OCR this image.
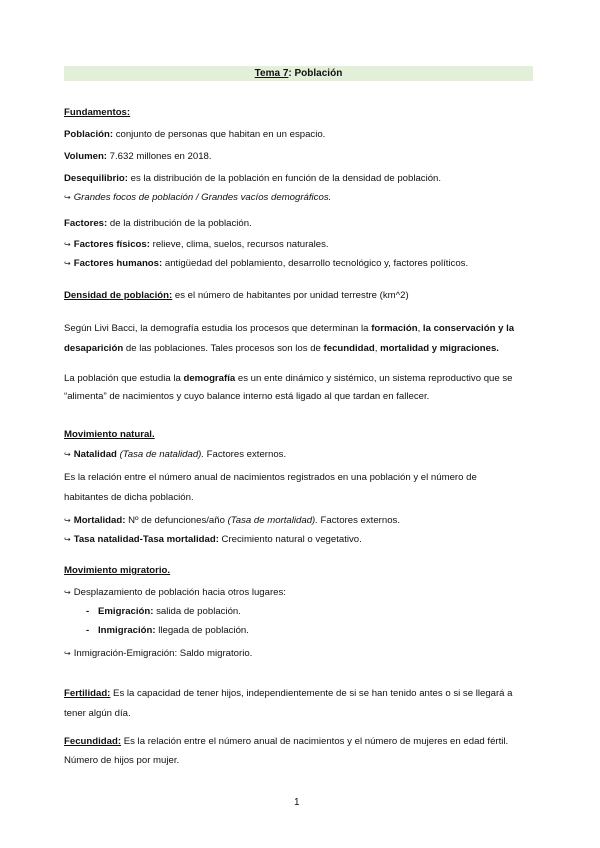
Tema 7: Población
Fundamentos:
Población: conjunto de personas que habitan en un espacio.
Volumen: 7.632 millones en 2018.
Desequilibrio: es la distribución de la población en función de la densidad de población.
↪ Grandes focos de población / Grandes vacíos demográficos.
Factores: de la distribución de la población.
↪ Factores físicos: relieve, clima, suelos, recursos naturales.
↪ Factores humanos: antigüedad del poblamiento, desarrollo tecnológico y, factores políticos.
Densidad de población: es el número de habitantes por unidad terrestre (km^2)
Según Livi Bacci, la demografía estudia los procesos que determinan la formación, la conservación y la
desaparición de las poblaciones. Tales procesos son los de fecundidad, mortalidad y migraciones.
La población que estudia la demografía es un ente dinámico y sistémico, un sistema reproductivo que se
“alimenta” de nacimientos y cuyo balance interno está ligado al que tardan en fallecer.
Movimiento natural.
↪ Natalidad (Tasa de natalidad). Factores externos.
Es la relación entre el número anual de nacimientos registrados en una población y el número de
habitantes de dicha población.
↪ Mortalidad: Nº de defunciones/año (Tasa de mortalidad). Factores externos.
↪ Tasa natalidad-Tasa mortalidad: Crecimiento natural o vegetativo.
Movimiento migratorio.
↪ Desplazamiento de población hacia otros lugares:
- Emigración: salida de población.
- Inmigración: llegada de población.
↪ Inmigración-Emigración: Saldo migratorio.
Fertilidad: Es la capacidad de tener hijos, independientemente de si se han tenido antes o si se llegará a
tener algún día.
Fecundidad: Es la relación entre el número anual de nacimientos y el número de mujeres en edad fértil.
Número de hijos por mujer.
1
